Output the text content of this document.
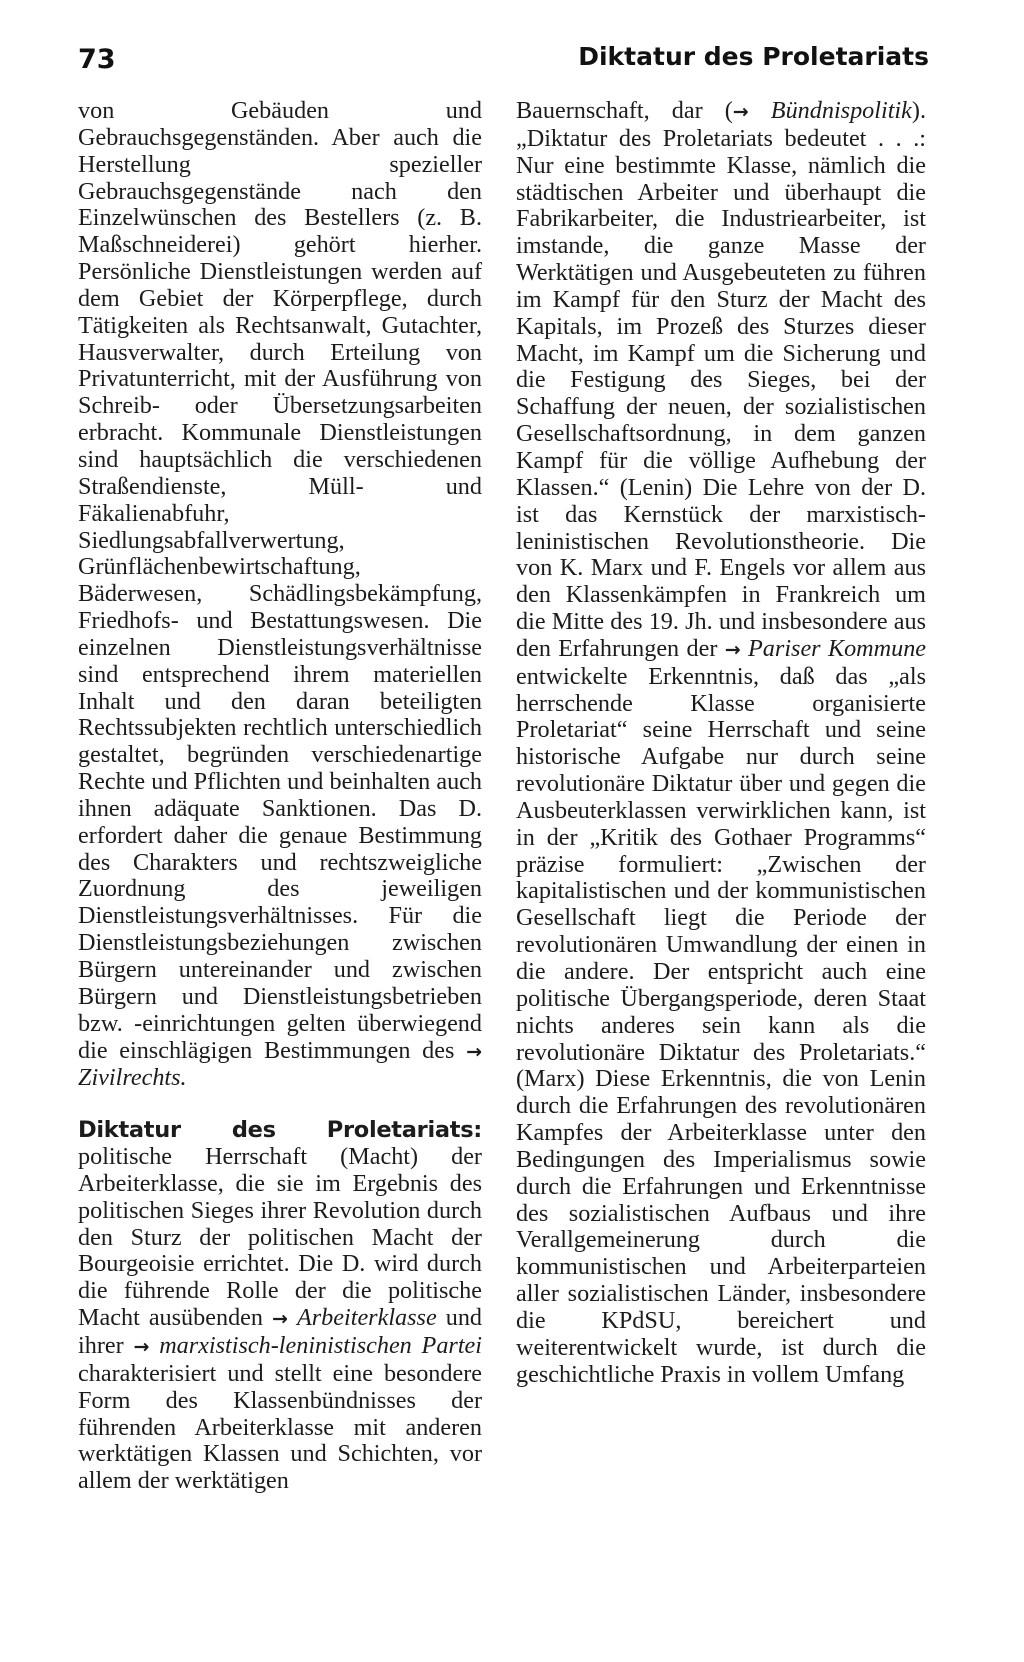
73	Diktatur des Proletariats

von Gebäuden und Gebrauchsgegenständen. Aber auch die Herstellung spezieller Gebrauchsgegenstände nach den Einzelwünschen des Bestellers (z. B. Maßschneiderei) gehört hierher. Persönliche Dienstleistungen werden auf dem Gebiet der Körperpflege, durch Tätigkeiten als Rechtsanwalt, Gutachter, Hausverwalter, durch Erteilung von Privatunterricht, mit der Ausführung von Schreib- oder Übersetzungsarbeiten erbracht. Kommunale Dienstleistungen sind hauptsächlich die verschiedenen Straßendienste, Müll- und Fäkalienabfuhr, Siedlungsabfallverwertung, Grünflächenbewirtschaftung, Bäderwesen, Schädlingsbekämpfung, Friedhofs- und Bestattungswesen. Die einzelnen Dienstleistungsverhältnisse sind entsprechend ihrem materiellen Inhalt und den daran beteiligten Rechtssubjekten rechtlich unterschiedlich gestaltet, begründen verschiedenartige Rechte und Pflichten und beinhalten auch ihnen adäquate Sanktionen. Das D. erfordert daher die genaue Bestimmung des Charakters und rechtszweigliche Zuordnung des jeweiligen Dienstleistungsverhältnisses. Für die Dienstleistungsbeziehungen zwischen Bürgern untereinander und zwischen Bürgern und Dienstleistungsbetrieben bzw. -einrichtungen gelten überwiegend die einschlägigen Bestimmungen des → Zivilrechts.

Diktatur des Proletariats: politische Herrschaft (Macht) der Arbeiterklasse, die sie im Ergebnis des politischen Sieges ihrer Revolution durch den Sturz der politischen Macht der Bourgeoisie errichtet. Die D. wird durch die führende Rolle der die politische Macht ausübenden → Arbeiterklasse und ihrer → marxistisch-leninistischen Partei charakterisiert und stellt eine besondere Form des Klassenbündnisses der führenden Arbeiterklasse mit anderen werktätigen Klassen und Schichten, vor allem der werktätigen

Bauernschaft, dar (→ Bündnispolitik). „Diktatur des Proletariats bedeutet . . .: Nur eine bestimmte Klasse, nämlich die städtischen Arbeiter und überhaupt die Fabrikarbeiter, die Industriearbeiter, ist imstande, die ganze Masse der Werktätigen und Ausgebeuteten zu führen im Kampf für den Sturz der Macht des Kapitals, im Prozeß des Sturzes dieser Macht, im Kampf um die Sicherung und die Festigung des Sieges, bei der Schaffung der neuen, der sozialistischen Gesellschaftsordnung, in dem ganzen Kampf für die völlige Aufhebung der Klassen.“ (Lenin) Die Lehre von der D. ist das Kernstück der marxistisch-leninistischen Revolutionstheorie. Die von K. Marx und F. Engels vor allem aus den Klassenkämpfen in Frankreich um die Mitte des 19. Jh. und insbesondere aus den Erfahrungen der → Pariser Kommune entwickelte Erkenntnis, daß das „als herrschende Klasse organisierte Proletariat“ seine Herrschaft und seine historische Aufgabe nur durch seine revolutionäre Diktatur über und gegen die Ausbeuterklassen verwirklichen kann, ist in der „Kritik des Gothaer Programms“ präzise formuliert: „Zwischen der kapitalistischen und der kommunistischen Gesellschaft liegt die Periode der revolutionären Umwandlung der einen in die andere. Der entspricht auch eine politische Übergangsperiode, deren Staat nichts anderes sein kann als die revolutionäre Diktatur des Proletariats.“ (Marx) Diese Erkenntnis, die von Lenin durch die Erfahrungen des revolutionären Kampfes der Arbeiterklasse unter den Bedingungen des Imperialismus sowie durch die Erfahrungen und Erkenntnisse des sozialistischen Aufbaus und ihre Verallgemeinerung durch die kommunistischen und Arbeiterparteien aller sozialistischen Länder, insbesondere die KPdSU, bereichert und weiterentwickelt wurde, ist durch die geschichtliche Praxis in vollem Umfang
